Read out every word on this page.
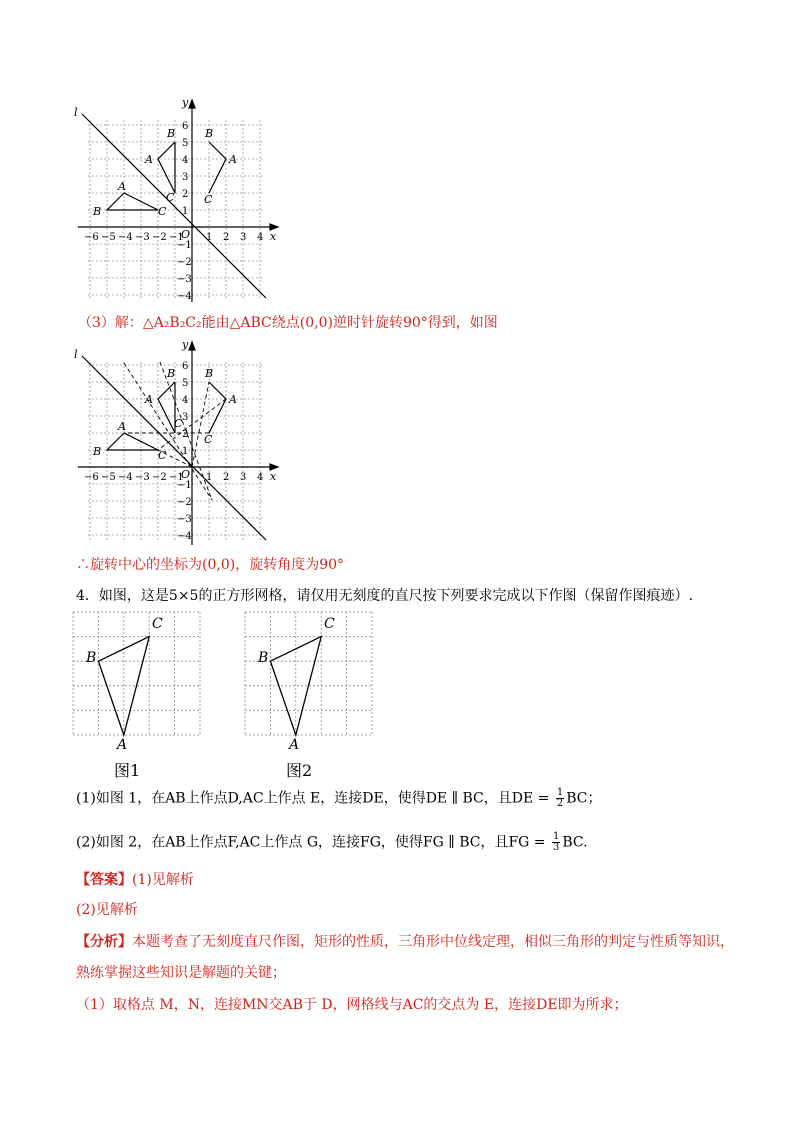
x
y
O
l
B
A
C
B
A
C
A
B	C
−6 −5 −4 −3 −2 −1 1 2 3 4
6
5
4
3
2
1
−1
−2
−3
−4
（3）解：△A₂B₂C₂能由△ABC绕点(0,0)逆时针旋转90°得到，如图
x
y
O
l
B
A
C
B
A
C
A
B	C
−6 −5 −4 −3 −2 −1 1 2 3 4
6
5
4
3
2
1
−1
−2
−3
−4
∴旋转中心的坐标为(0,0)，旋转角度为90°
4．如图，这是5×5的正方形网格，请仅用无刻度的直尺按下列要求完成以下作图（保留作图痕迹）.
C
B
A
图1
C
B
A
图2
(1)如图 1，在AB上作点D,AC上作点 E，连接DE，使得DE ∥ BC，且DE = $\frac{1}{2}$ BC；
(2)如图 2，在AB上作点F,AC上作点 G，连接FG，使得FG ∥ BC，且FG = $\frac{1}{3}$ BC.
【答案】(1)见解析
(2)见解析
【分析】本题考查了无刻度直尺作图，矩形的性质，三角形中位线定理，相似三角形的判定与性质等知识，
熟练掌握这些知识是解题的关键；
（1）取格点 M，N，连接MN交AB于 D，网格线与AC的交点为 E，连接DE即为所求；
